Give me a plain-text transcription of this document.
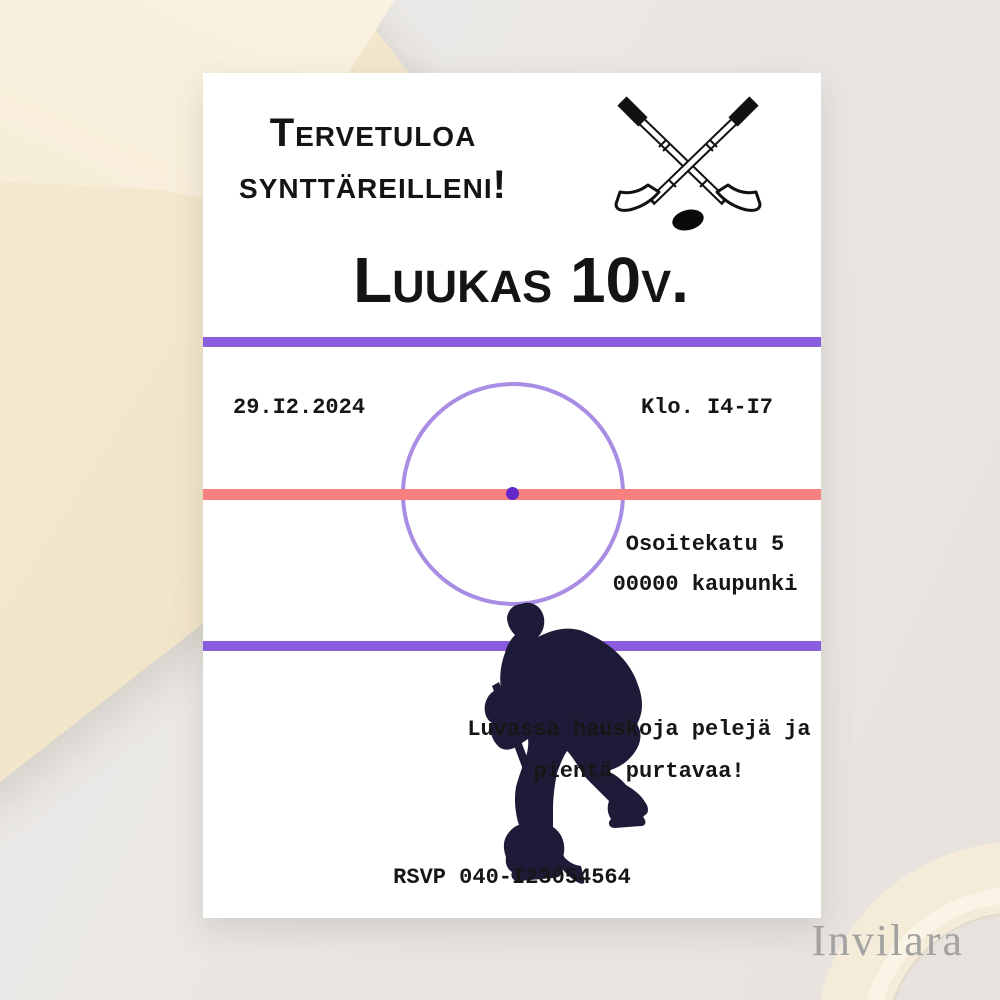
Tervetuloa
synttäreilleni!
Luukas 10v.
29.I2.2024	Klo. I4-I7
Osoitekatu 5
00000 kaupunki
Luvassa hauskoja pelejä ja
pientä purtavaa!
RSVP 040-I23054564
Invilara
